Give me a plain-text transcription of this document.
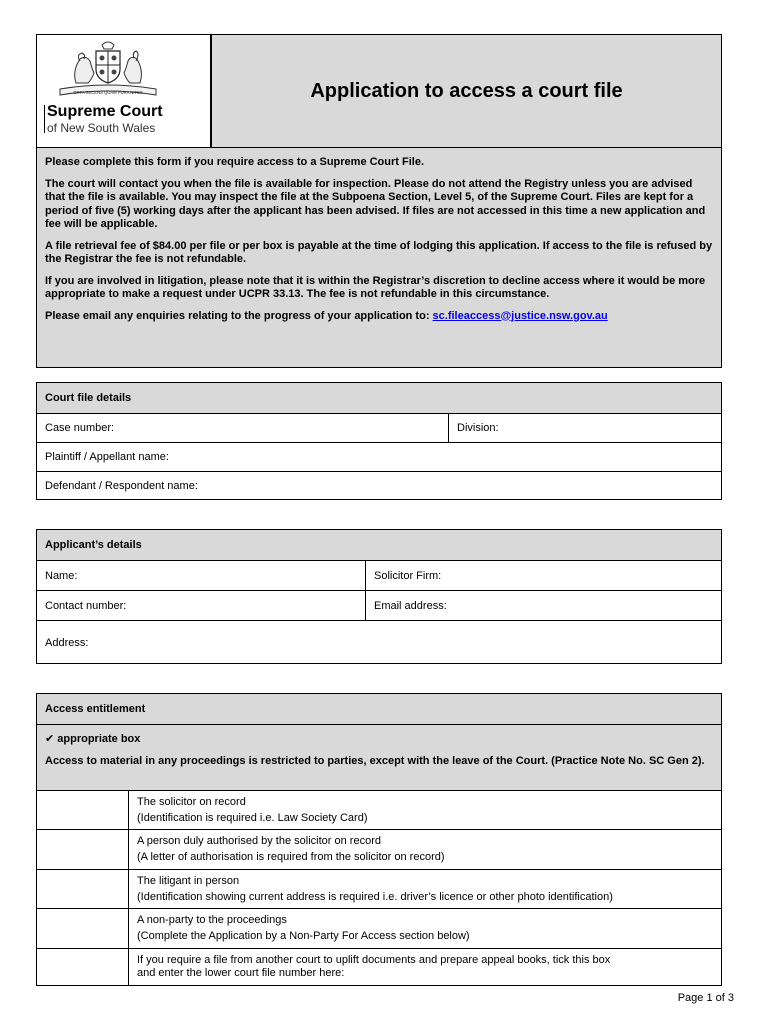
ORTA RECENS QUAM PURA NITES
Supreme Court
of New South Wales
Application to access a court file

Please complete this form if you require access to a Supreme Court File.

The court will contact you when the file is available for inspection. Please do not attend the Registry unless you are advised that the file is available. You may inspect the file at the Subpoena Section, Level 5, of the Supreme Court. Files are kept for a period of five (5) working days after the applicant has been advised. If files are not accessed in this time a new application and fee will be applicable.

A file retrieval fee of $84.00 per file or per box is payable at the time of lodging this application. If access to the file is refused by the Registrar the fee is not refundable.

If you are involved in litigation, please note that it is within the Registrar’s discretion to decline access where it would be more appropriate to make a request under UCPR 33.13. The fee is not refundable in this circumstance.

Please email any enquiries relating to the progress of your application to: sc.fileaccess@justice.nsw.gov.au

Court file details
Case number:	Division:
Plaintiff / Appellant name:
Defendant / Respondent name:
Applicant’s details
Name:	Solicitor Firm:
Contact number:	Email address:
Address:
Access entitlement
✔ appropriate box
Access to material in any proceedings is restricted to parties, except with the leave of the Court. (Practice Note No. SC Gen 2).
The solicitor on record
(Identification is required i.e. Law Society Card)
A person duly authorised by the solicitor on record
(A letter of authorisation is required from the solicitor on record)
The litigant in person
(Identification showing current address is required i.e. driver’s licence or other photo identification)
A non-party to the proceedings
(Complete the Application by a Non-Party For Access section below)
If you require a file from another court to uplift documents and prepare appeal books, tick this box
and enter the lower court file number here:
Page 1 of 3
